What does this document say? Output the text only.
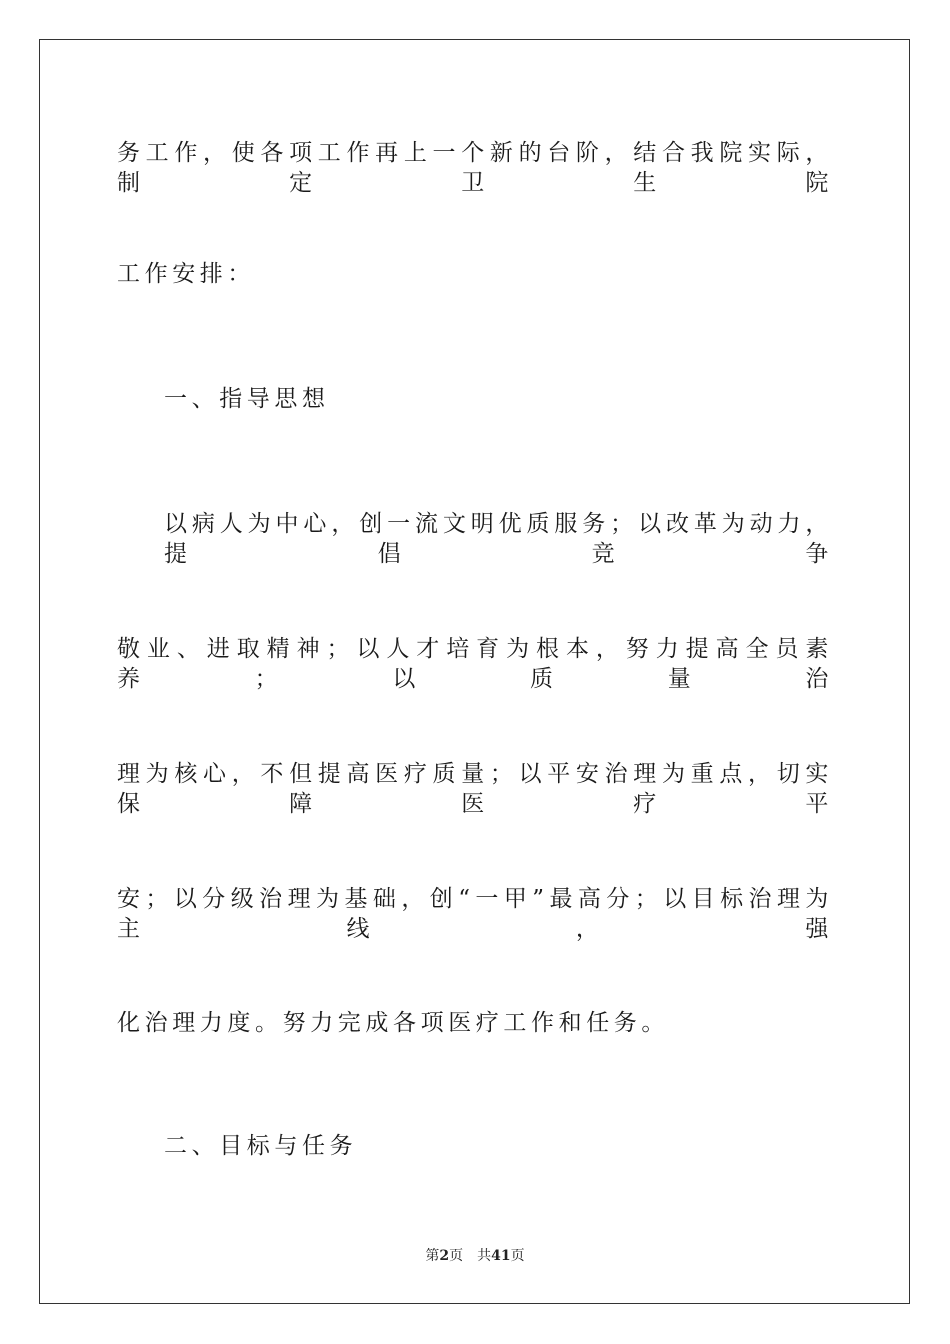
务工作，使各项工作再上一个新的台阶，结合我院实际，制定卫生院
工作安排：
一、指导思想
以病人为中心，创一流文明优质服务；以改革为动力，提倡竞争
敬业、进取精神；以人才培育为根本，努力提高全员素养；以质量治
理为核心，不但提高医疗质量；以平安治理为重点，切实保障医疗平
安；以分级治理为基础，创“一甲”最高分；以目标治理为主线，强
化治理力度。努力完成各项医疗工作和任务。
二、目标与任务
第2页 共41页
